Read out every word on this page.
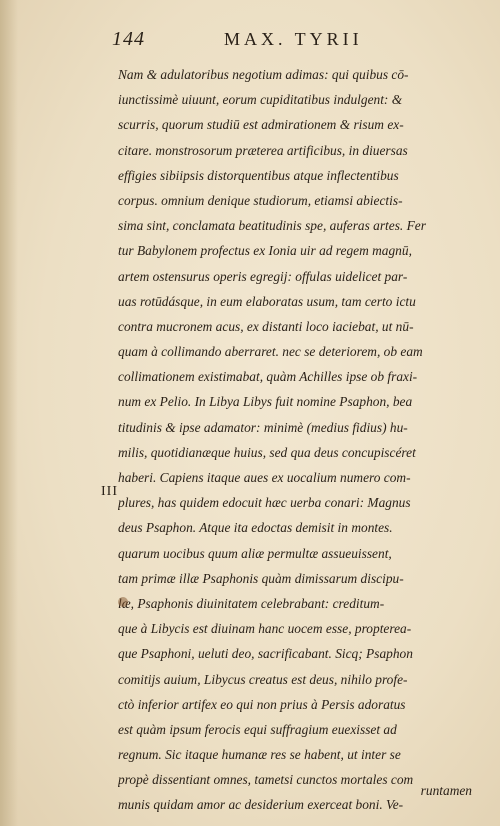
144	MAX. TYRII
Nam & adulatoribus negotium adimas: qui quibus cō-
iunctissimè uiuunt, eorum cupiditatibus indulgent: &
scurris, quorum studiū est admirationem & risum ex-
citare. monstrosorum præterea artificibus, in diuersas
effigies sibiipsis distorquentibus atque inflectentibus
corpus. omnium denique studiorum, etiamsi abiectis-
sima sint, conclamata beatitudinis spe, auferas artes. Fer
tur Babylonem profectus ex Ionia uir ad regem magnū,
artem ostensurus operis egregij: offulas uidelicet par-
uas rotūdásque, in eum elaboratas usum, tam certo ictu
contra mucronem acus, ex distanti loco iaciebat, ut nū-
quam à collimando aberraret. nec se deteriorem, ob eam
collimationem existimabat, quàm Achilles ipse ob fraxi-
num ex Pelio. In Libya Libys fuit nomine Psaphon, bea
titudinis & ipse adamator: minimè (medius fidius) hu-
milis, quotidianæque huius, sed qua deus concupiscéret
haberi. Capiens itaque aues ex uocalium numero com-
plures, has quidem edocuit hæc uerba conari: Magnus
deus Psaphon. Atque ita edoctas demisit in montes.
quarum uocibus quum aliæ permultæ assueuissent,
tam primæ illæ Psaphonis quàm dimissarum discipu-
læ, Psaphonis diuinitatem celebrabant: creditum-
que à Libycis est diuinam hanc uocem esse, propterea-
que Psaphoni, ueluti deo, sacrificabant. Sicq; Psaphon
comitijs auium, Libycus creatus est deus, nihilo profe-
ctò inferior artifex eo qui non prius à Persis adoratus
est quàm ipsum ferocis equi suffragium euexisset ad
regnum. Sic itaque humanæ res se habent, ut inter se
propè dissentiant omnes, tametsi cunctos mortales com
munis quidam amor ac desiderium exerceat boni. Ve-
III
runtamen
